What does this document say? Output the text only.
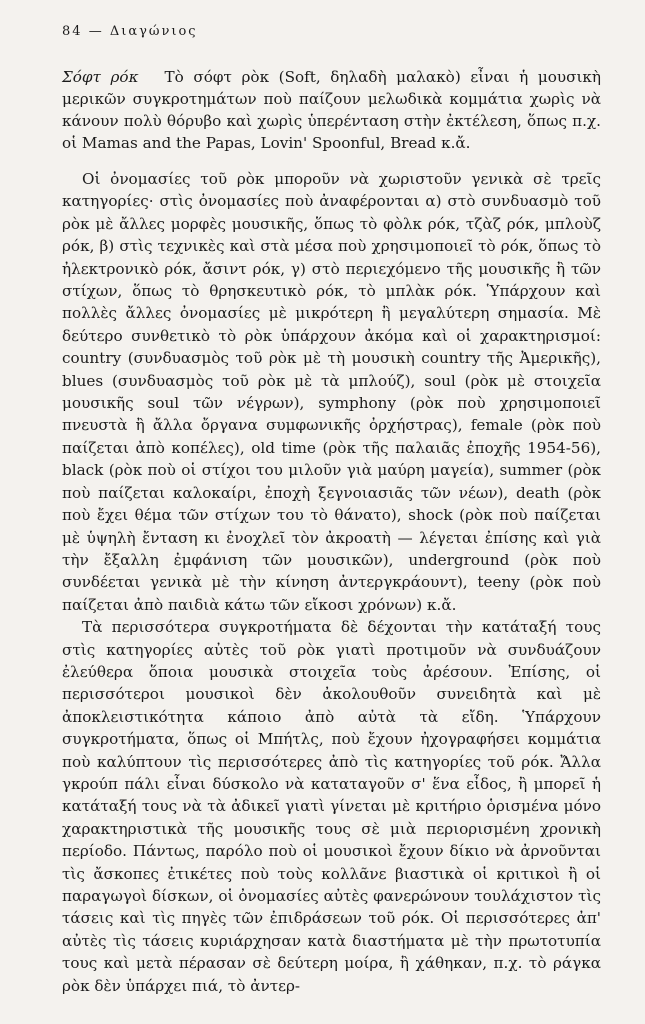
84 — Διαγώνιος

Σόφτ ρόκ Τὸ σόφτ ρὸκ (Soft, δηλαδὴ μαλακὸ) εἶναι ἡ μουσικὴ μερικῶν συγκροτημάτων ποὺ παίζουν μελωδικὰ κομμάτια χωρὶς νὰ κάνουν πολὺ θόρυβο καὶ χωρὶς ὑπερένταση στὴν ἐκτέλεση, ὅπως π.χ. οἱ Mamas and the Papas, Lovin' Spoonful, Bread κ.ἄ.

Οἱ ὀνομασίες τοῦ ρὸκ μποροῦν νὰ χωριστοῦν γενικὰ σὲ τρεῖς κατηγορίες· στὶς ὀνομασίες ποὺ ἀναφέρονται α) στὸ συνδυασμὸ τοῦ ρὸκ μὲ ἄλλες μορφὲς μουσικῆς, ὅπως τὸ φὸλκ ρόκ, τζὰζ ρόκ, μπλοὺζ ρόκ, β) στὶς τεχνικὲς καὶ στὰ μέσα ποὺ χρησιμοποιεῖ τὸ ρόκ, ὅπως τὸ ἠλεκτρονικὸ ρόκ, ἄσιντ ρόκ, γ) στὸ περιεχόμενο τῆς μουσικῆς ἢ τῶν στίχων, ὅπως τὸ θρησκευτικὸ ρόκ, τὸ μπλὰκ ρόκ. Ὑπάρχουν καὶ πολλὲς ἄλλες ὀνομασίες μὲ μικρότερη ἢ μεγαλύτερη σημασία. Μὲ δεύτερο συνθετικὸ τὸ ρὸκ ὑπάρχουν ἀκόμα καὶ οἱ χαρακτηρισμοί: country (συνδυασμὸς τοῦ ρὸκ μὲ τὴ μουσικὴ country τῆς Ἀμερικῆς), blues (συνδυασμὸς τοῦ ρὸκ μὲ τὰ μπλούζ), soul (ρὸκ μὲ στοιχεῖα μουσικῆς soul τῶν νέγρων), symphony (ρὸκ ποὺ χρησιμοποιεῖ πνευστὰ ἢ ἄλλα ὄργανα συμφωνικῆς ὀρχήστρας), female (ρὸκ ποὺ παίζεται ἀπὸ κοπέλες), old time (ρὸκ τῆς παλαιᾶς ἐποχῆς 1954-56), black (ρὸκ ποὺ οἱ στίχοι του μιλοῦν γιὰ μαύρη μαγεία), summer (ρὸκ ποὺ παίζεται καλοκαίρι, ἐποχὴ ξεγνοιασιᾶς τῶν νέων), death (ρὸκ ποὺ ἔχει θέμα τῶν στίχων του τὸ θάνατο), shock (ρὸκ ποὺ παίζεται μὲ ὑψηλὴ ἔνταση κι ἐνοχλεῖ τὸν ἀκροατὴ — λέγεται ἐπίσης καὶ γιὰ τὴν ἔξαλλη ἐμφάνιση τῶν μουσικῶν), underground (ρὸκ ποὺ συνδέεται γενικὰ μὲ τὴν κίνηση ἀντεργκράουντ), teeny (ρὸκ ποὺ παίζεται ἀπὸ παιδιὰ κάτω τῶν εἴκοσι χρόνων) κ.ἄ.

Τὰ περισσότερα συγκροτήματα δὲ δέχονται τὴν κατάταξή τους στὶς κατηγορίες αὐτὲς τοῦ ρὸκ γιατὶ προτιμοῦν νὰ συνδυάζουν ἐλεύθερα ὅποια μουσικὰ στοιχεῖα τοὺς ἀρέσουν. Ἐπίσης, οἱ περισσότεροι μουσικοὶ δὲν ἀκολουθοῦν συνειδητὰ καὶ μὲ ἀποκλειστικότητα κάποιο ἀπὸ αὐτὰ τὰ εἴδη. Ὑπάρχουν συγκροτήματα, ὅπως οἱ Μπήτλς, ποὺ ἔχουν ἠχογραφήσει κομμάτια ποὺ καλύπτουν τὶς περισσότερες ἀπὸ τὶς κατηγορίες τοῦ ρόκ. Ἄλλα γκρούπ πάλι εἶναι δύσκολο νὰ καταταγοῦν σ' ἕνα εἶδος, ἢ μπορεῖ ἡ κατάταξή τους νὰ τὰ ἀδικεῖ γιατὶ γίνεται μὲ κριτήριο ὁρισμένα μόνο χαρακτηριστικὰ τῆς μουσικῆς τους σὲ μιὰ περιορισμένη χρονικὴ περίοδο. Πάντως, παρόλο ποὺ οἱ μουσικοὶ ἔχουν δίκιο νὰ ἀρνοῦνται τὶς ἄσκοπες ἐτικέτες ποὺ τοὺς κολλᾶνε βιαστικὰ οἱ κριτικοὶ ἢ οἱ παραγωγοὶ δίσκων, οἱ ὀνομασίες αὐτὲς φανερώνουν τουλάχιστον τὶς τάσεις καὶ τὶς πηγὲς τῶν ἐπιδράσεων τοῦ ρόκ. Οἱ περισσότερες ἀπ' αὐτὲς τὶς τάσεις κυριάρχησαν κατὰ διαστήματα μὲ τὴν πρωτοτυπία τους καὶ μετὰ πέρασαν σὲ δεύτερη μοίρα, ἢ χάθηκαν, π.χ. τὸ ράγκα ρὸκ δὲν ὑπάρχει πιά, τὸ ἀντερ-
